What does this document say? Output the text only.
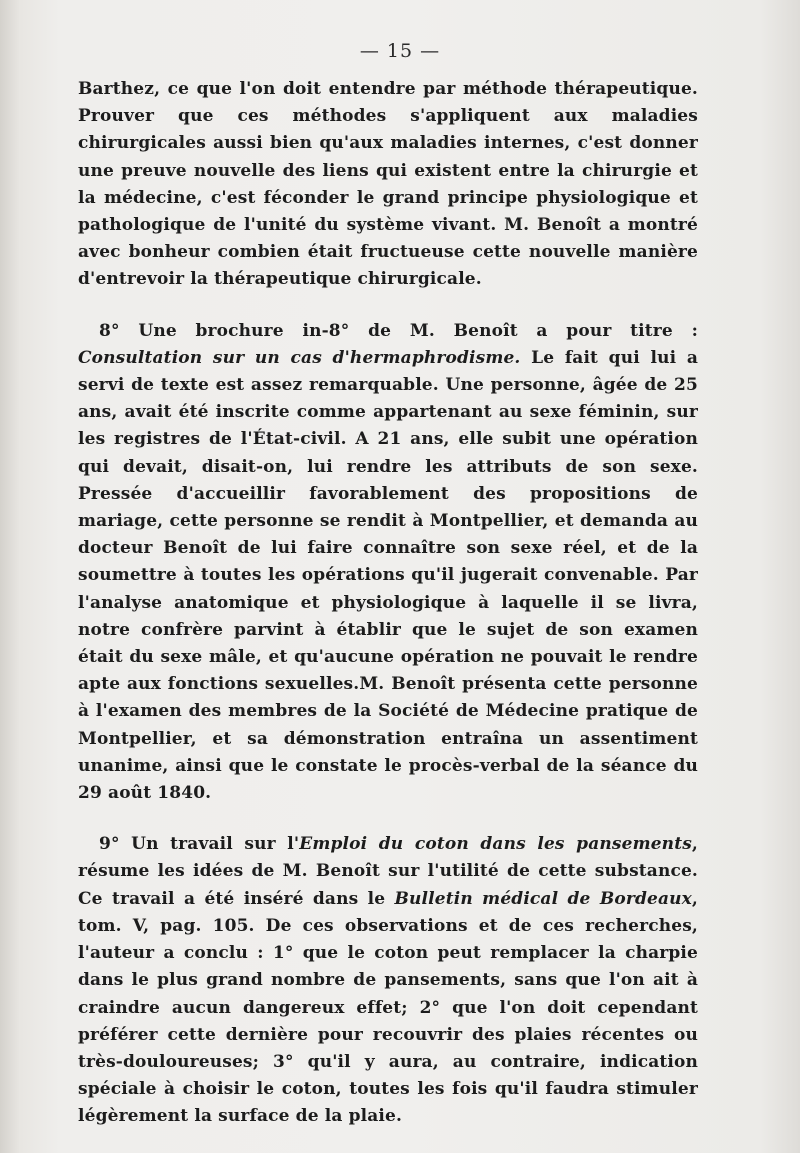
— 15 —

Barthez, ce que l'on doit entendre par méthode thérapeutique. Prouver que ces méthodes s'appliquent aux maladies chirurgicales aussi bien qu'aux maladies internes, c'est donner une preuve nouvelle des liens qui existent entre la chirurgie et la médecine, c'est féconder le grand principe physiologique et pathologique de l'unité du système vivant. M. Benoît a montré avec bonheur combien était fructueuse cette nouvelle manière d'entrevoir la thérapeutique chirurgicale.

8° Une brochure in-8° de M. Benoît a pour titre : Consultation sur un cas d'hermaphrodisme. Le fait qui lui a servi de texte est assez remarquable. Une personne, âgée de 25 ans, avait été inscrite comme appartenant au sexe féminin, sur les registres de l'État-civil. A 21 ans, elle subit une opération qui devait, disait-on, lui rendre les attributs de son sexe. Pressée d'accueillir favorablement des propositions de mariage, cette personne se rendit à Montpellier, et demanda au docteur Benoît de lui faire connaître son sexe réel, et de la soumettre à toutes les opérations qu'il jugerait convenable. Par l'analyse anatomique et physiologique à laquelle il se livra, notre confrère parvint à établir que le sujet de son examen était du sexe mâle, et qu'aucune opération ne pouvait le rendre apte aux fonctions sexuelles.M. Benoît présenta cette personne à l'examen des membres de la Société de Médecine pratique de Montpellier, et sa démonstration entraîna un assentiment unanime, ainsi que le constate le procès-verbal de la séance du 29 août 1840.

9° Un travail sur l'Emploi du coton dans les pansements, résume les idées de M. Benoît sur l'utilité de cette substance. Ce travail a été inséré dans le Bulletin médical de Bordeaux, tom. V, pag. 105. De ces observations et de ces recherches, l'auteur a conclu : 1° que le coton peut remplacer la charpie dans le plus grand nombre de pansements, sans que l'on ait à craindre aucun dangereux effet; 2° que l'on doit cependant préférer cette dernière pour recouvrir des plaies récentes ou très-douloureuses; 3° qu'il y aura, au contraire, indication spéciale à choisir le coton, toutes les fois qu'il faudra stimuler légèrement la surface de la plaie.
